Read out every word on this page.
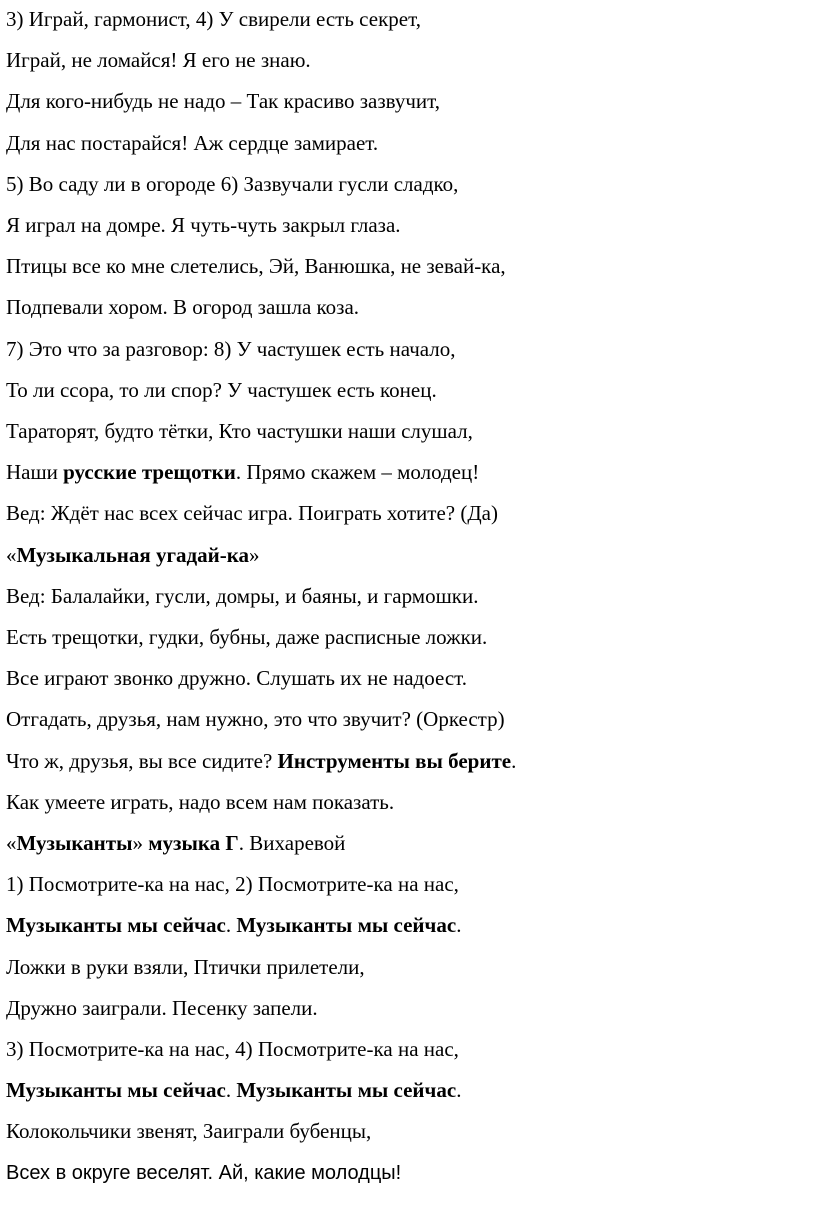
3) Играй, гармонист, 4) У свирели есть секрет,

Играй, не ломайся! Я его не знаю.

Для кого-нибудь не надо – Так красиво зазвучит,

Для нас постарайся! Аж сердце замирает.

5) Во саду ли в огороде 6) Зазвучали гусли сладко,

Я играл на домре. Я чуть-чуть закрыл глаза.

Птицы все ко мне слетелись, Эй, Ванюшка, не зевай-ка,

Подпевали хором. В огород зашла коза.

7) Это что за разговор: 8) У частушек есть начало,

То ли ссора, то ли спор? У частушек есть конец.

Тараторят, будто тётки, Кто частушки наши слушал,

Наши русские трещотки. Прямо скажем – молодец!

Вед: Ждёт нас всех сейчас игра. Поиграть хотите? (Да)

«Музыкальная угадай-ка»

Вед: Балалайки, гусли, домры, и баяны, и гармошки.

Есть трещотки, гудки, бубны, даже расписные ложки.

Все играют звонко дружно. Слушать их не надоест.

Отгадать, друзья, нам нужно, это что звучит? (Оркестр)

Что ж, друзья, вы все сидите? Инструменты вы берите.

Как умеете играть, надо всем нам показать.

«Музыканты» музыка Г. Вихаревой

1) Посмотрите-ка на нас, 2) Посмотрите-ка на нас,

Музыканты мы сейчас. Музыканты мы сейчас.

Ложки в руки взяли, Птички прилетели,

Дружно заиграли. Песенку запели.

3) Посмотрите-ка на нас, 4) Посмотрите-ка на нас,

Музыканты мы сейчас. Музыканты мы сейчас.

Колокольчики звенят, Заиграли бубенцы,

Всех в округе веселят. Ай, какие молодцы!
